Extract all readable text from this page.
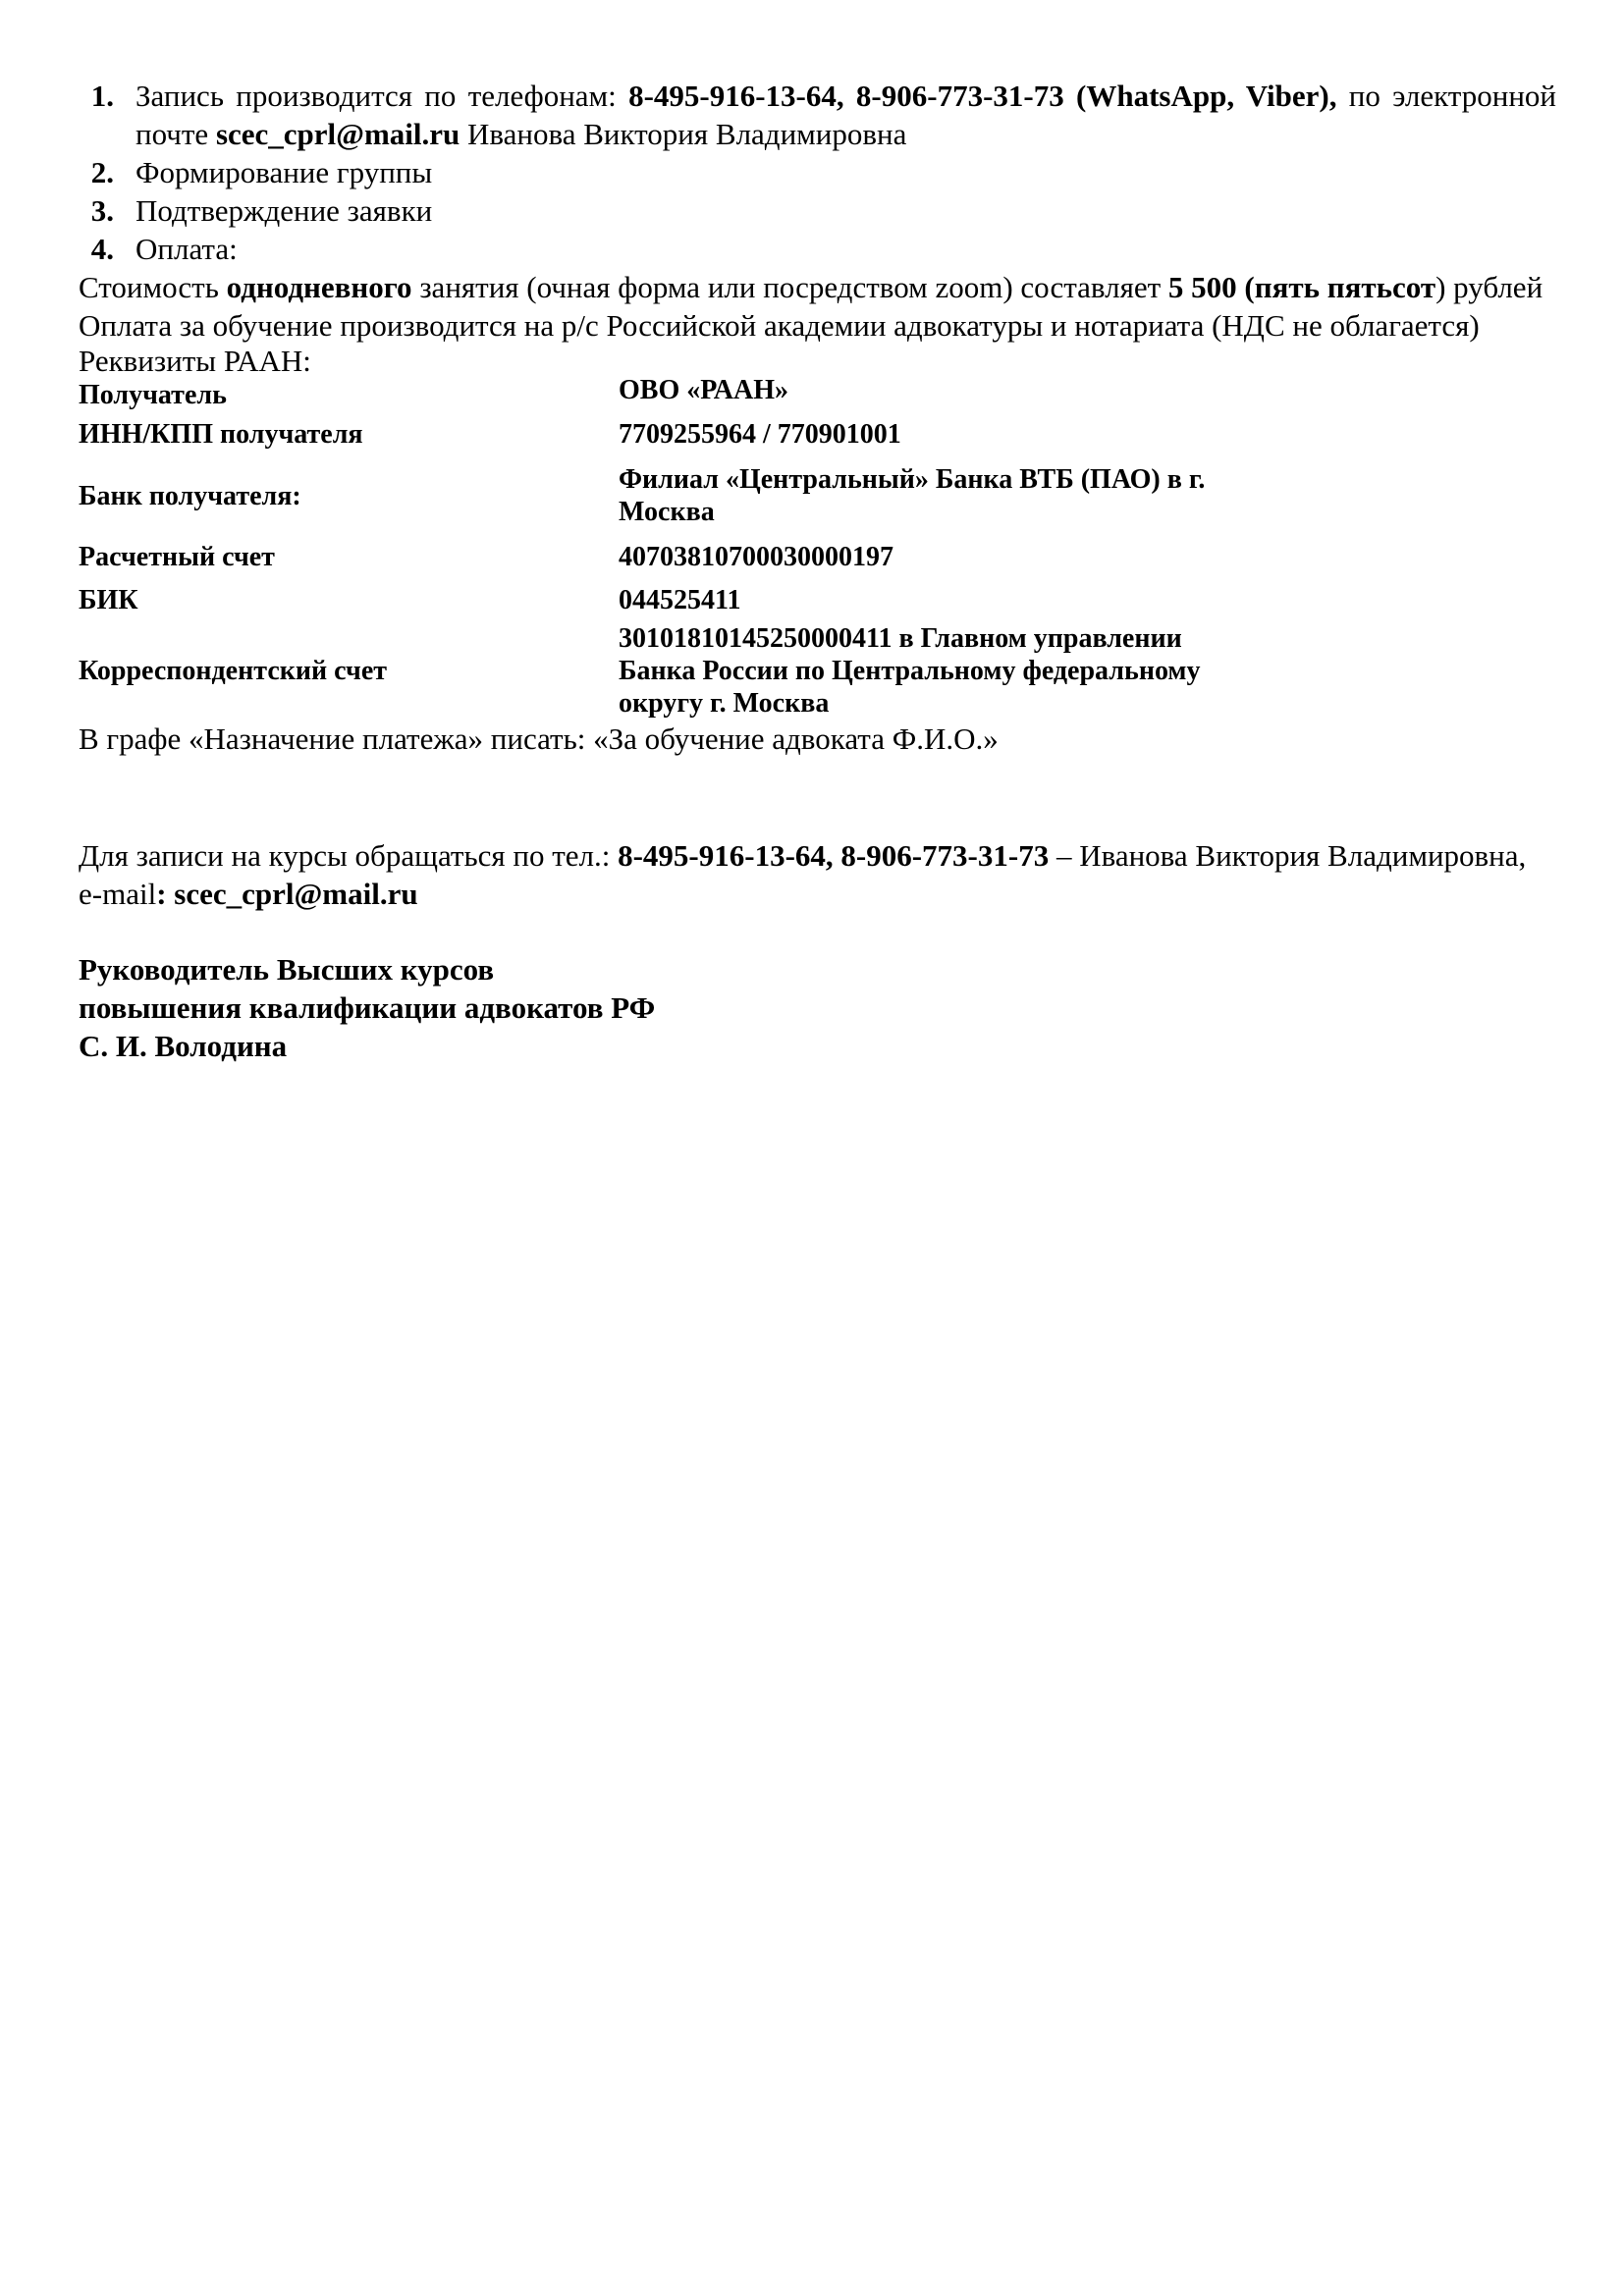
1. Запись производится по телефонам: 8-495-916-13-64, 8-906-773-31-73 (WhatsApp, Viber), по электронной почте scec_cprl@mail.ru Иванова Виктория Владимировна
2. Формирование группы
3. Подтверждение заявки
4. Оплата:
Стоимость однодневного занятия (очная форма или посредством zoom) составляет 5 500 (пять пятьсот) рублей
Оплата за обучение производится на р/с Российской академии адвокатуры и нотариата (НДС не облагается)
Реквизиты РААН:
Получатель	ОВО «РААН»
ИНН/КПП получателя	7709255964 / 770901001
Банк получателя:	Филиал «Центральный» Банка ВТБ (ПАО) в г.
Москва

Расчетный счет	40703810700030000197
БИК	044525411
Корреспондентский счет	30101810145250000411 в Главном управлении
Банка России по Центральному федеральному
округу г. Москва
В графе «Назначение платежа» писать: «За обучение адвоката Ф.И.О.»
Для записи на курсы обращаться по тел.: 8-495-916-13-64, 8-906-773-31-73 – Иванова Виктория Владимировна, e-mail: scec_cprl@mail.ru
Руководитель Высших курсов
повышения квалификации адвокатов РФ
С. И. Володина
